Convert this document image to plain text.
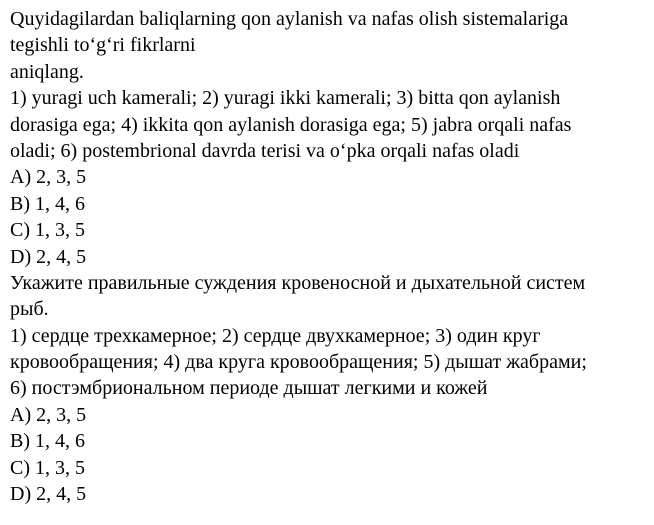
Quyidagilardan baliqlarning qon aylanish va nafas olish sistemalariga
tegishli to‘g‘ri fikrlarni
aniqlang.
1) yuragi uch kamerali; 2) yuragi ikki kamerali; 3) bitta qon aylanish
dorasiga ega; 4) ikkita qon aylanish dorasiga ega; 5) jabra orqali nafas
oladi; 6) postembrional davrda terisi va o‘pka orqali nafas oladi
A) 2, 3, 5
B) 1, 4, 6
C) 1, 3, 5
D) 2, 4, 5
Укажите правильные суждения кровеносной и дыхательной систем
рыб.
1) сердце трехкамерное; 2) сердце двухкамерное; 3) один круг
кровообращения; 4) два круга кровообращения; 5) дышат жабрами;
6) постэмбриональном периоде дышат легкими и кожей
A) 2, 3, 5
B) 1, 4, 6
C) 1, 3, 5
D) 2, 4, 5
